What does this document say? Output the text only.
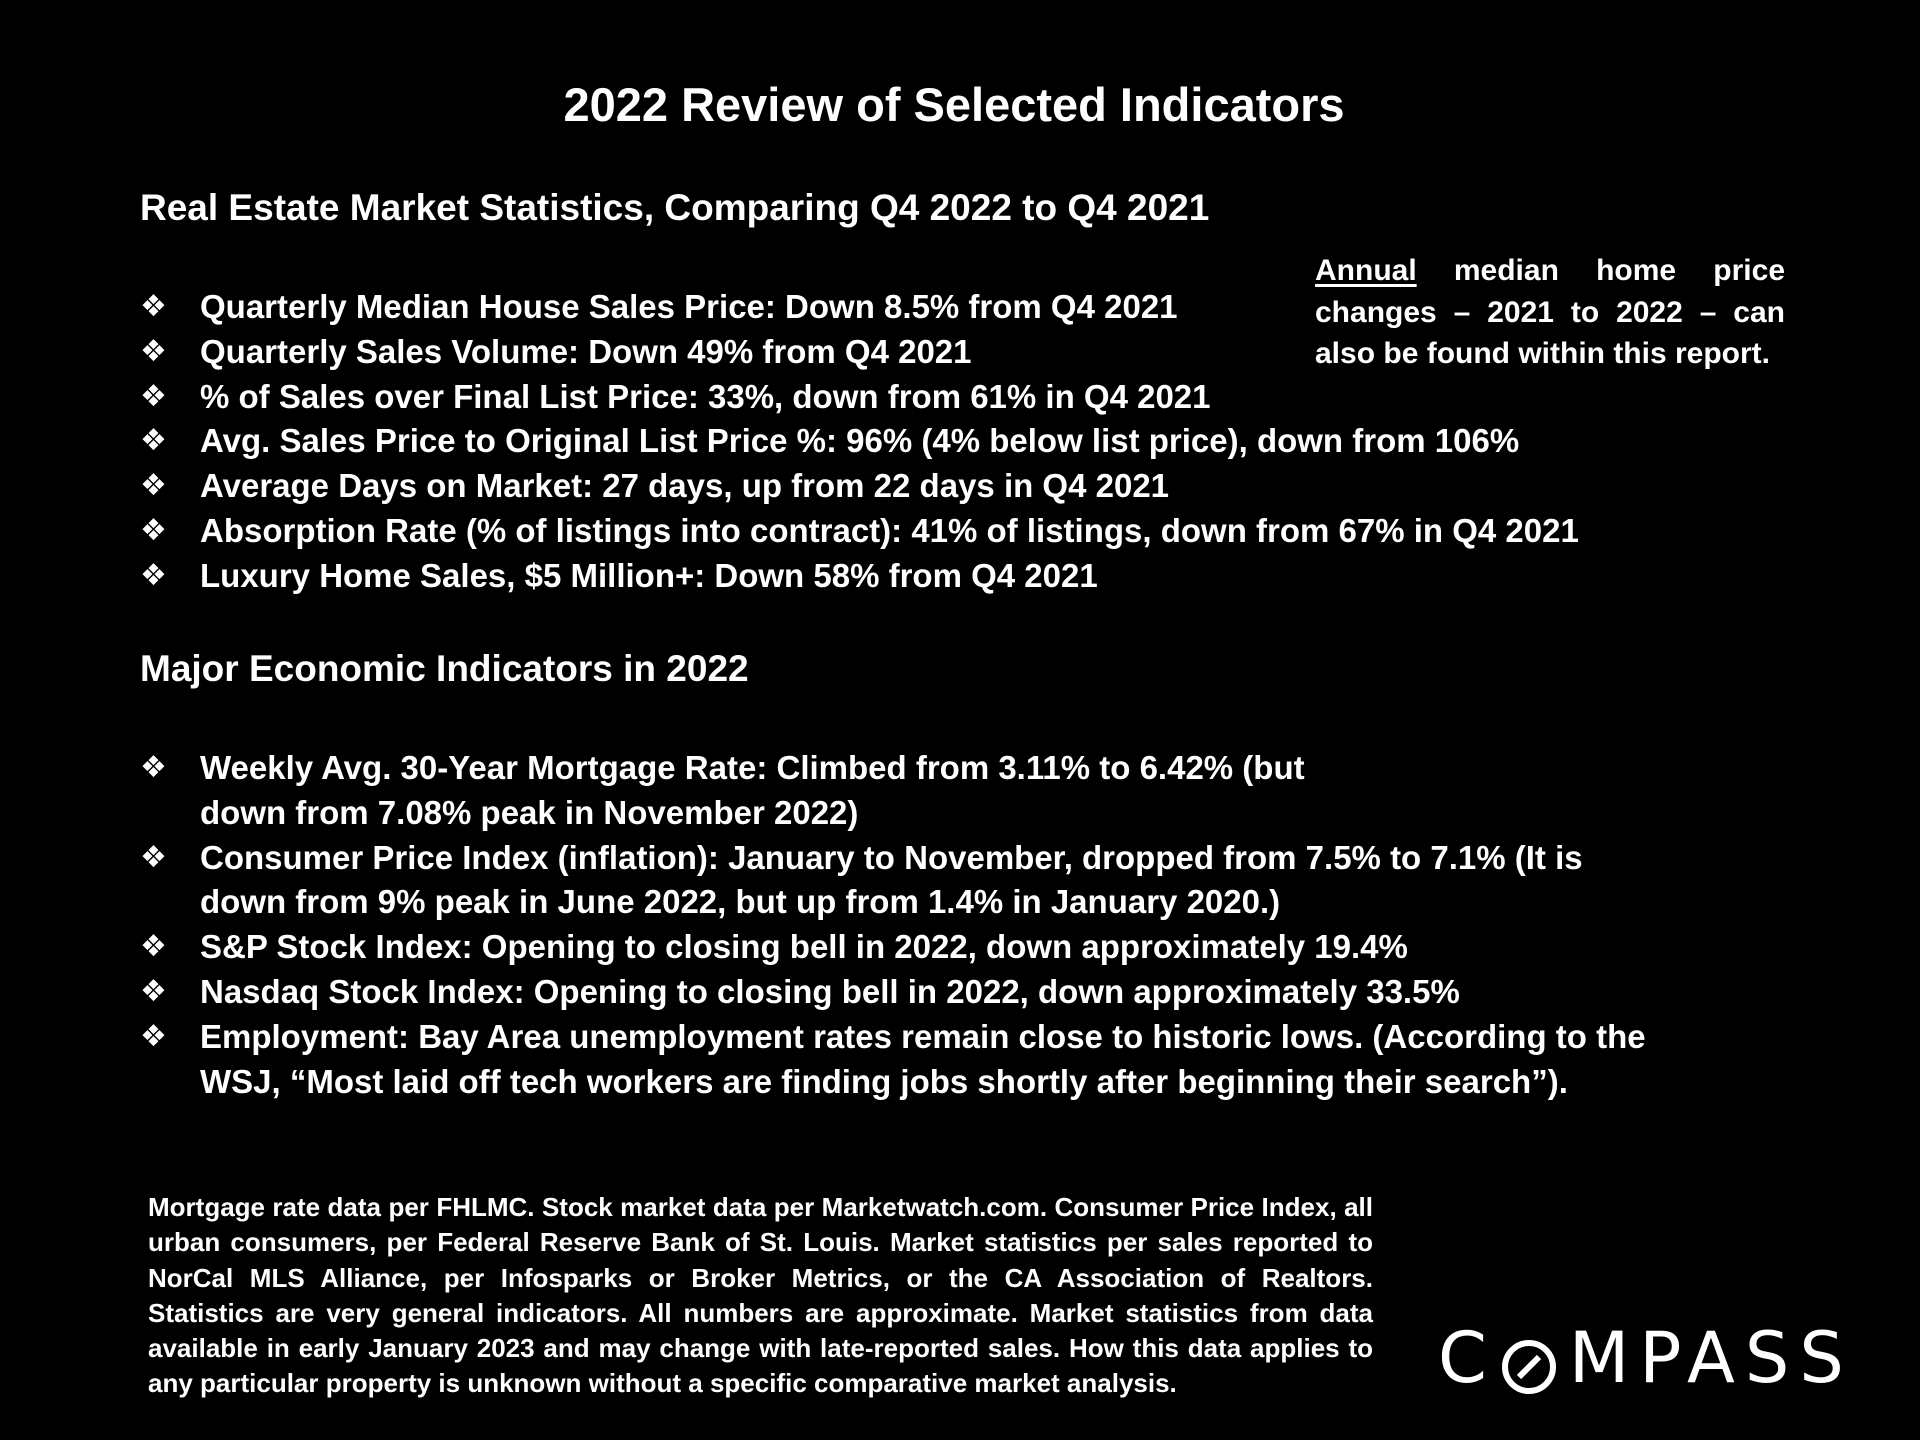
2022 Review of Selected Indicators
Real Estate Market Statistics, Comparing Q4 2022 to Q4 2021
❖	Quarterly Median House Sales Price: Down 8.5% from Q4 2021
❖	Quarterly Sales Volume: Down 49% from Q4 2021
❖	% of Sales over Final List Price: 33%, down from 61% in Q4 2021
❖	Avg. Sales Price to Original List Price %: 96% (4% below list price), down from 106%
❖	Average Days on Market: 27 days, up from 22 days in Q4 2021
❖	Absorption Rate (% of listings into contract): 41% of listings, down from 67% in Q4 2021
❖	Luxury Home Sales, $5 Million+: Down 58% from Q4 2021
Annual median home price changes – 2021 to 2022 – can also be found within this report.
Major Economic Indicators in 2022
❖	Weekly Avg. 30-Year Mortgage Rate: Climbed from 3.11% to 6.42% (but
down from 7.08% peak in November 2022)
❖	Consumer Price Index (inflation): January to November, dropped from 7.5% to 7.1% (It is
down from 9% peak in June 2022, but up from 1.4% in January 2020.)
❖	S&P Stock Index: Opening to closing bell in 2022, down approximately 19.4%
❖	Nasdaq Stock Index: Opening to closing bell in 2022, down approximately 33.5%
❖	Employment: Bay Area unemployment rates remain close to historic lows. (According to the
WSJ, “Most laid off tech workers are finding jobs shortly after beginning their search”).
Mortgage rate data per FHLMC. Stock market data per Marketwatch.com. Consumer Price Index, all urban consumers, per Federal Reserve Bank of St. Louis. Market statistics per sales reported to NorCal MLS Alliance, per Infosparks or Broker Metrics, or the CA Association of Realtors. Statistics are very general indicators. All numbers are approximate. Market statistics from data available in early January 2023 and may change with late-reported sales. How this data applies to any particular property is unknown without a specific comparative market analysis.	C MPASS
